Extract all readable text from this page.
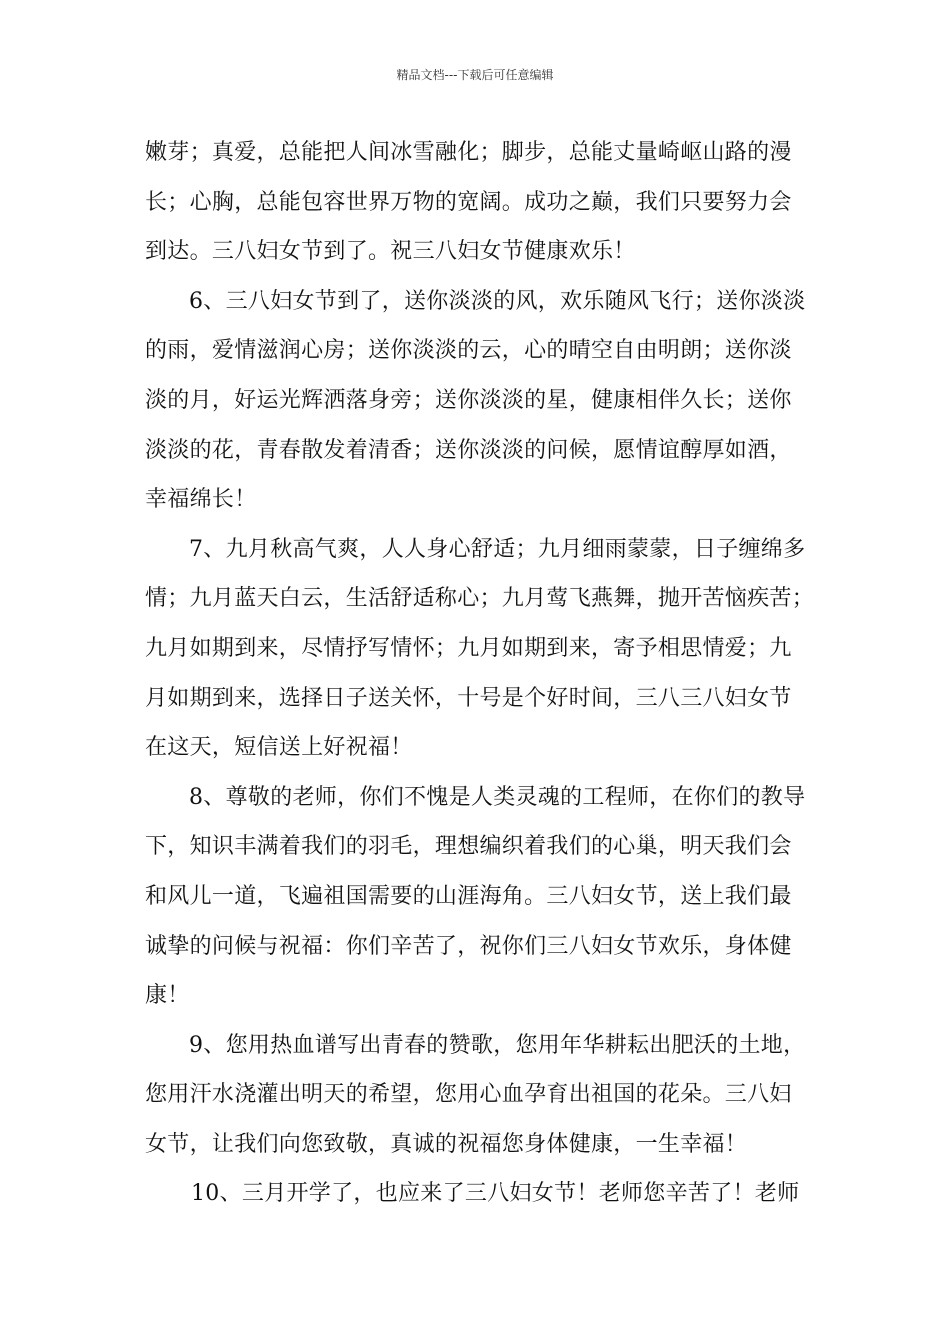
精品文档---下载后可任意编辑
嫩芽；真爱，总能把人间冰雪融化；脚步，总能丈量崎岖山路的漫
长；心胸，总能包容世界万物的宽阔。成功之巅，我们只要努力会
到达。三八妇女节到了。祝三八妇女节健康欢乐！
6、三八妇女节到了，送你淡淡的风，欢乐随风飞行；送你淡淡
的雨，爱情滋润心房；送你淡淡的云，心的晴空自由明朗；送你淡
淡的月，好运光辉洒落身旁；送你淡淡的星，健康相伴久长；送你
淡淡的花，青春散发着清香；送你淡淡的问候，愿情谊醇厚如酒，
幸福绵长！
7、九月秋高气爽，人人身心舒适；九月细雨蒙蒙，日子缠绵多
情；九月蓝天白云，生活舒适称心；九月莺飞燕舞，抛开苦恼疾苦；
九月如期到来，尽情抒写情怀；九月如期到来，寄予相思情爱；九
月如期到来，选择日子送关怀，十号是个好时间，三八三八妇女节
在这天，短信送上好祝福！
8、尊敬的老师，你们不愧是人类灵魂的工程师，在你们的教导
下，知识丰满着我们的羽毛，理想编织着我们的心巢，明天我们会
和风儿一道，飞遍祖国需要的山涯海角。三八妇女节，送上我们最
诚挚的问候与祝福：你们辛苦了，祝你们三八妇女节欢乐，身体健
康！
9、您用热血谱写出青春的赞歌，您用年华耕耘出肥沃的土地，
您用汗水浇灌出明天的希望，您用心血孕育出祖国的花朵。三八妇
女节，让我们向您致敬，真诚的祝福您身体健康，一生幸福！
10、三月开学了，也应来了三八妇女节！老师您辛苦了！老师
